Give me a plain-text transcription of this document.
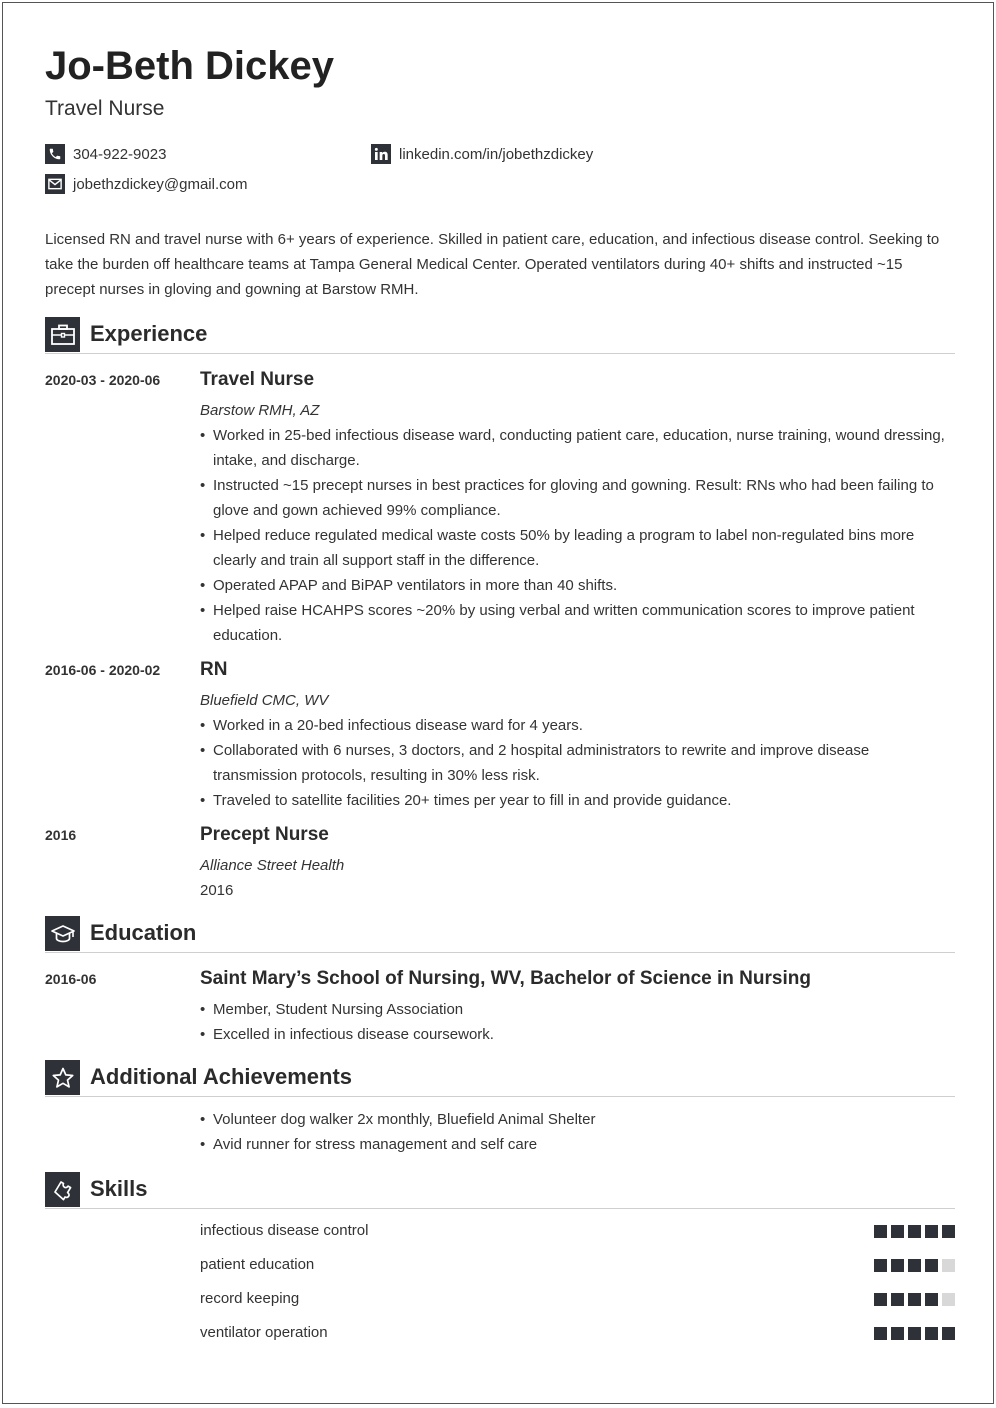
Jo-Beth Dickey
Travel Nurse
304-922-9023	linkedin.com/in/jobethzdickey
jobethzdickey@gmail.com

Licensed RN and travel nurse with 6+ years of experience. Skilled in patient care, education, and infectious disease control. Seeking to take the burden off healthcare teams at Tampa General Medical Center. Operated ventilators during 40+ shifts and instructed ~15 precept nurses in gloving and gowning at Barstow RMH.

Experience
2020-03 - 2020-06 Travel Nurse
Barstow RMH, AZ
• Worked in 25-bed infectious disease ward, conducting patient care, education, nurse training, wound dressing, intake, and discharge.
• Instructed ~15 precept nurses in best practices for gloving and gowning. Result: RNs who had been failing to glove and gown achieved 99% compliance.
• Helped reduce regulated medical waste costs 50% by leading a program to label non-regulated bins more clearly and train all support staff in the difference.
• Operated APAP and BiPAP ventilators in more than 40 shifts.
• Helped raise HCAHPS scores ~20% by using verbal and written communication scores to improve patient education.
2016-06 - 2020-02 RN
Bluefield CMC, WV
• Worked in a 20-bed infectious disease ward for 4 years.
• Collaborated with 6 nurses, 3 doctors, and 2 hospital administrators to rewrite and improve disease transmission protocols, resulting in 30% less risk.
• Traveled to satellite facilities 20+ times per year to fill in and provide guidance.
2016	Precept Nurse
Alliance Street Health
2016
Education
2016-06	Saint Mary’s School of Nursing, WV, Bachelor of Science in Nursing
• Member, Student Nursing Association
• Excelled in infectious disease coursework.
Additional Achievements
• Volunteer dog walker 2x monthly, Bluefield Animal Shelter
• Avid runner for stress management and self care
Skills
infectious disease control
patient education
record keeping
ventilator operation
